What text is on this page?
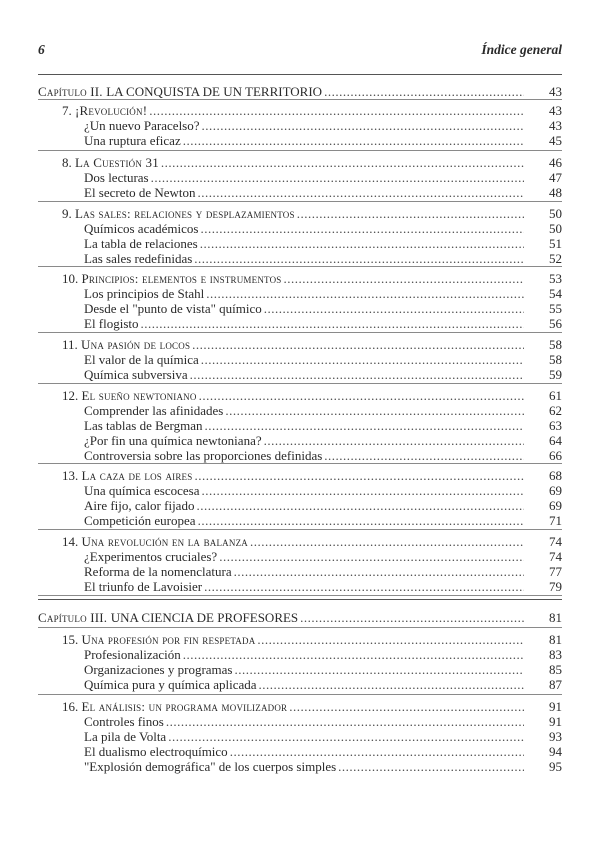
6	Índice general
Capítulo II. LA CONQUISTA DE UN TERRITORIO .....	43
7. ¡Revolución! .....	43
¿Un nuevo Paracelso? .....	43
Una ruptura eficaz .....	45
8. La Cuestión 31 .....	46
Dos lecturas .....	47
El secreto de Newton .....	48
9. Las sales: relaciones y desplazamientos .....	50
Químicos académicos .....	50
La tabla de relaciones .....	51
Las sales redefinidas .....	52
10. Principios: elementos e instrumentos .....	53
Los principios de Stahl .....	54
Desde el "punto de vista" químico .....	55
El flogisto .....	56
11. Una pasión de locos .....	58
El valor de la química .....	58
Química subversiva .....	59
12. El sueño newtoniano .....	61
Comprender las afinidades .....	62
Las tablas de Bergman .....	63
¿Por fin una química newtoniana? .....	64
Controversia sobre las proporciones definidas .....	66
13. La caza de los aires .....	68
Una química escocesa .....	69
Aire fijo, calor fijado .....	69
Competición europea .....	71
14. Una revolución en la balanza .....	74
¿Experimentos cruciales? .....	74
Reforma de la nomenclatura .....	77
El triunfo de Lavoisier .....	79
Capítulo III. UNA CIENCIA DE PROFESORES .....	81
15. Una profesión por fin respetada .....	81
Profesionalización .....	83
Organizaciones y programas .....	85
Química pura y química aplicada .....	87
16. El análisis: un programa movilizador .....	91
Controles finos .....	91
La pila de Volta .....	93
El dualismo electroquímico .....	94
"Explosión demográfica" de los cuerpos simples .....	95
